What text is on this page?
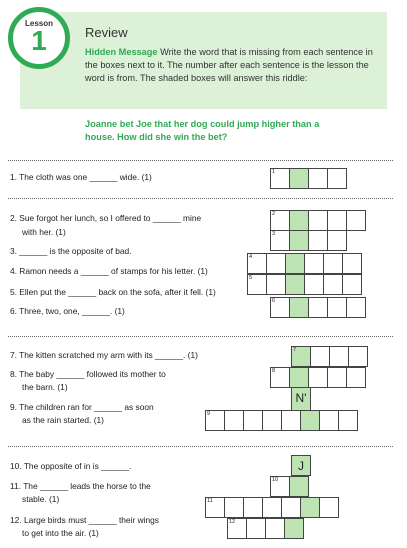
Lesson
1	Review
Hidden Message Write the word that is missing from each sentence in the boxes next to it. The number after each sentence is the lesson the word is from. The shaded boxes will answer this riddle:
Joanne bet Joe that her dog could jump higher than a house. How did she win the bet?
1. The cloth was one ______ wide. (1)
2. Sue forgot her lunch, so I offered to ______ mine
with her. (1)
3. ______ is the opposite of bad.
4. Ramon needs a ______ of stamps for his letter. (1)
5. Ellen put the ______ back on the sofa, after it fell. (1)
6. Three, two, one, ______. (1)
7. The kitten scratched my arm with its ______. (1)
8. The baby ______ followed its mother to
the barn. (1)
9. The children ran for ______ as soon
as the rain started. (1)
10. The opposite of in is ______.
11. The ______ leads the horse to the
stable. (1)
12. Large birds must ______ their wings
to get into the air. (1)
1
2
3
4
5
6
7
8
N'
9
J
10
11
12
